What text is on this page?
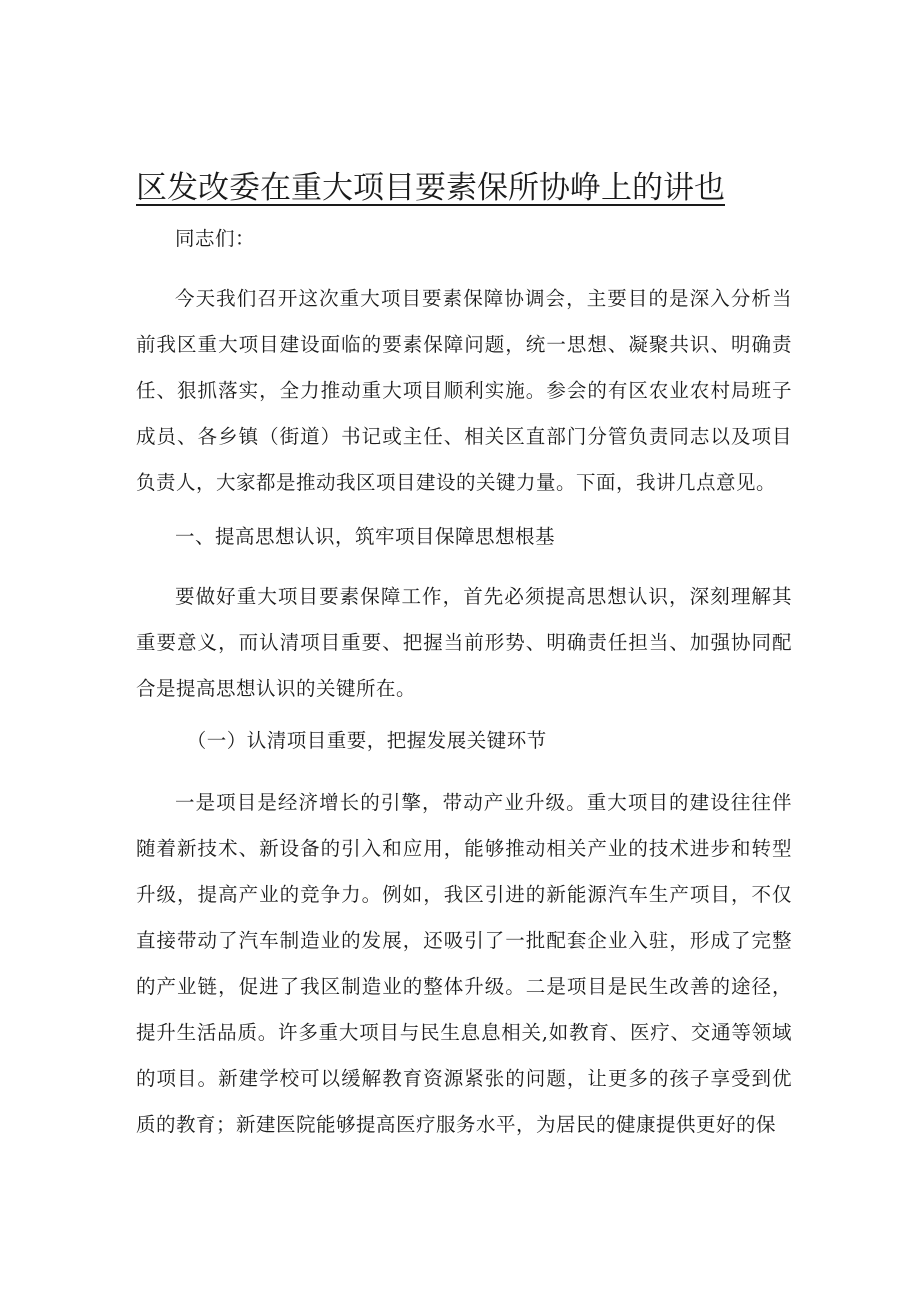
区发改委在重大项目要素保所协峥上的讲也

同志们：

今天我们召开这次重大项目要素保障协调会，主要目的是深入分析当前我区重大项目建设面临的要素保障问题，统一思想、凝聚共识、明确责任、狠抓落实，全力推动重大项目顺利实施。参会的有区农业农村局班子成员、各乡镇（街道）书记或主任、相关区直部门分管负责同志以及项目负责人，大家都是推动我区项目建设的关键力量。下面，我讲几点意见。

一、提高思想认识，筑牢项目保障思想根基

要做好重大项目要素保障工作，首先必须提高思想认识，深刻理解其重要意义，而认清项目重要、把握当前形势、明确责任担当、加强协同配合是提高思想认识的关键所在。

（一）认清项目重要，把握发展关键环节

一是项目是经济增长的引擎，带动产业升级。重大项目的建设往往伴随着新技术、新设备的引入和应用，能够推动相关产业的技术进步和转型升级，提高产业的竞争力。例如，我区引进的新能源汽车生产项目，不仅直接带动了汽车制造业的发展，还吸引了一批配套企业入驻，形成了完整的产业链，促进了我区制造业的整体升级。二是项目是民生改善的途径，提升生活品质。许多重大项目与民生息息相关,如教育、医疗、交通等领域的项目。新建学校可以缓解教育资源紧张的问题，让更多的孩子享受到优质的教育；新建医院能够提高医疗服务水平，为居民的健康提供更好的保
